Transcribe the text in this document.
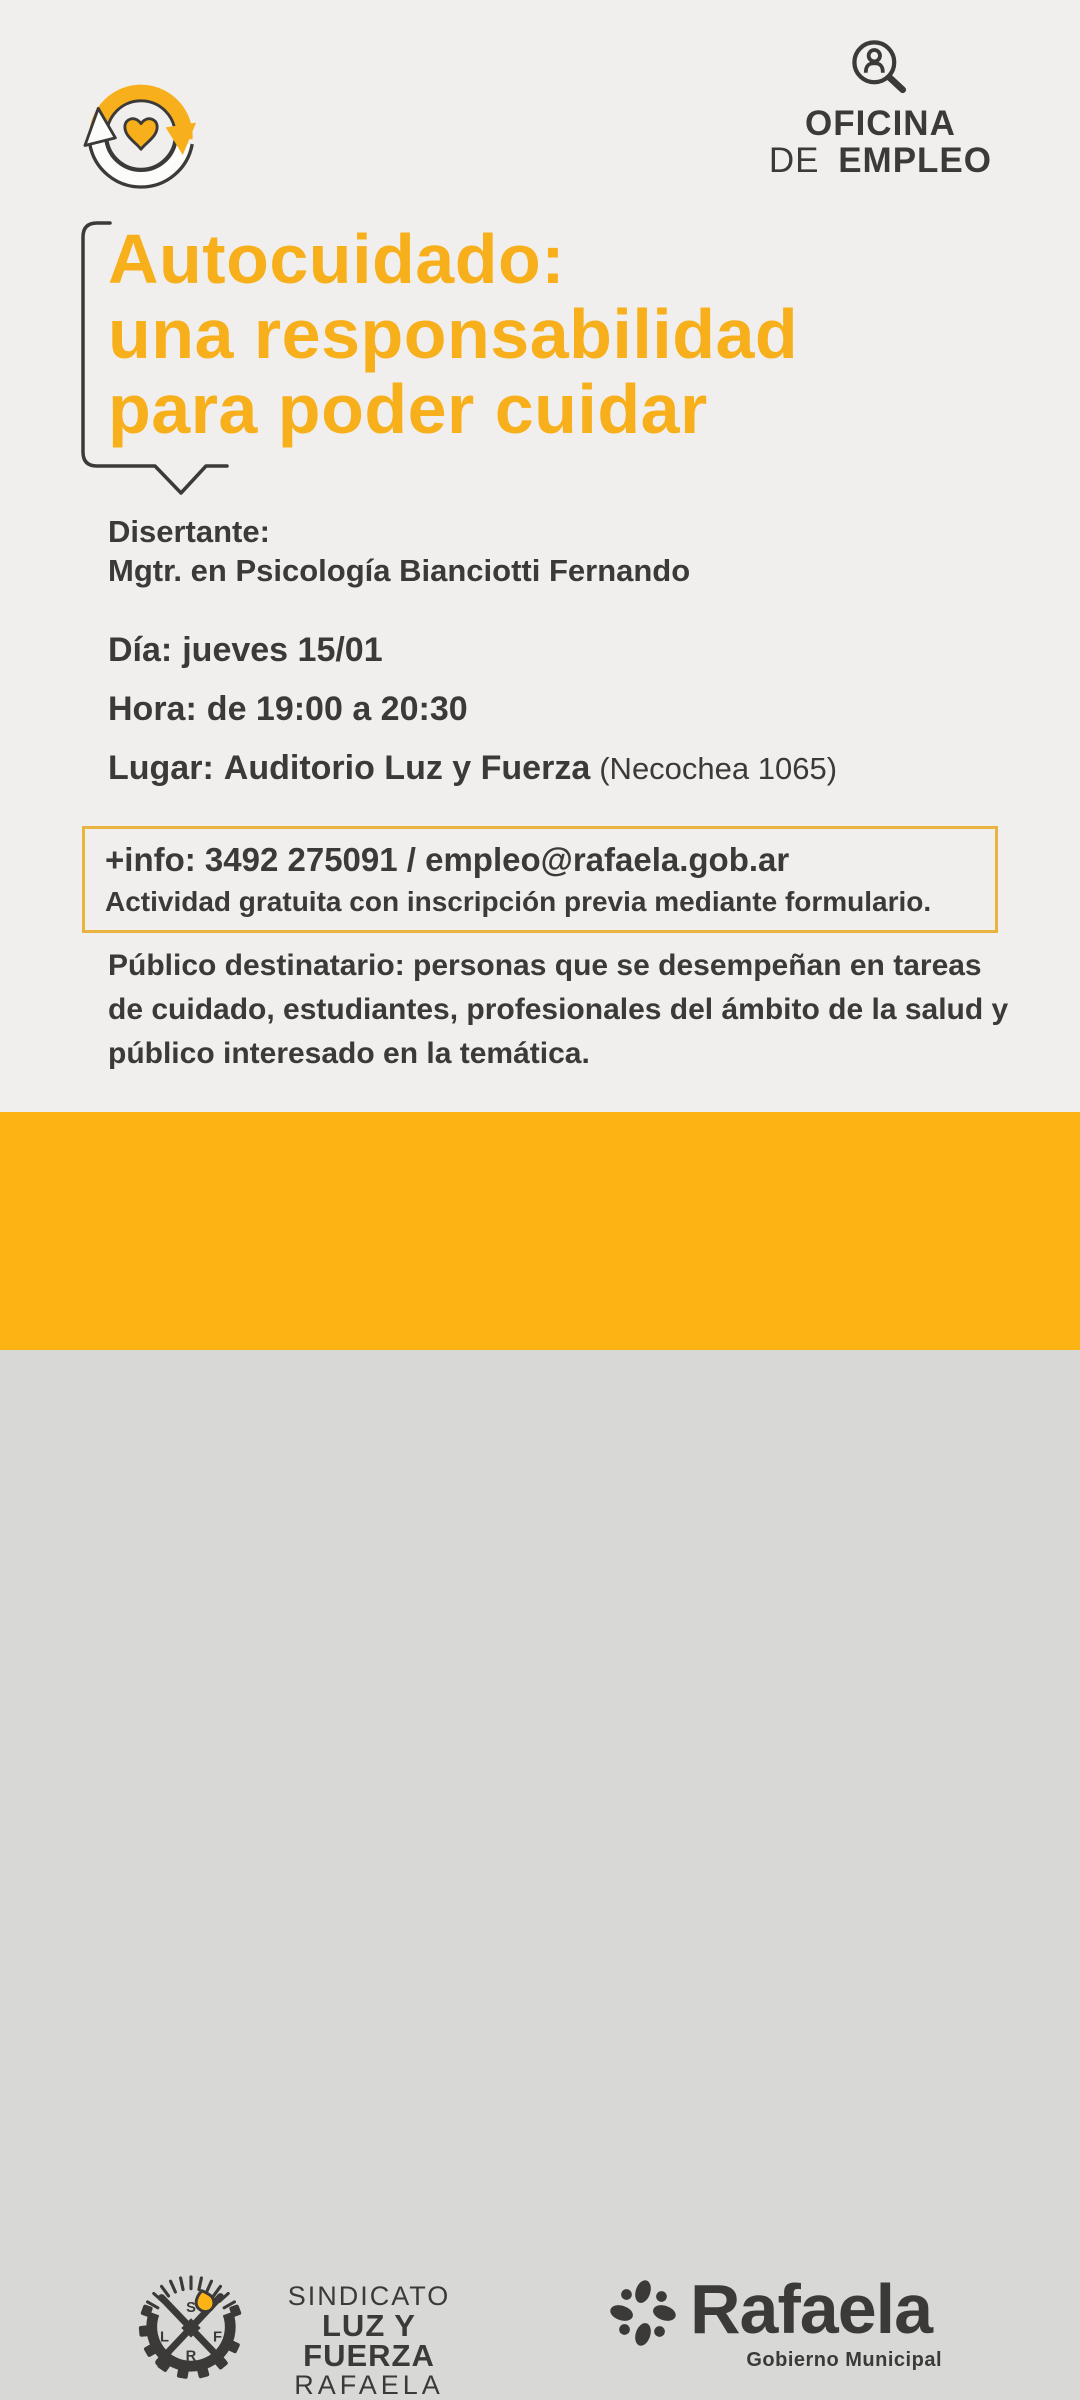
OFICINA
DE EMPLEO
Autocuidado:
una responsabilidad
para poder cuidar
Disertante:
Mgtr. en Psicología Bianciotti Fernando
Día: jueves 15/01
Hora: de 19:00 a 20:30
Lugar: Auditorio Luz y Fuerza (Necochea 1065)
+info: 3492 275091 / empleo@rafaela.gob.ar
Actividad gratuita con inscripción previa mediante formulario.

Público destinatario: personas que se desempeñan en tareas de cuidado, estudiantes, profesionales del ámbito de la salud y público interesado en la temática.

S
L	F
R
SINDICATO
LUZ Y FUERZA
RAFAELA
Rafaela
Gobierno Municipal
